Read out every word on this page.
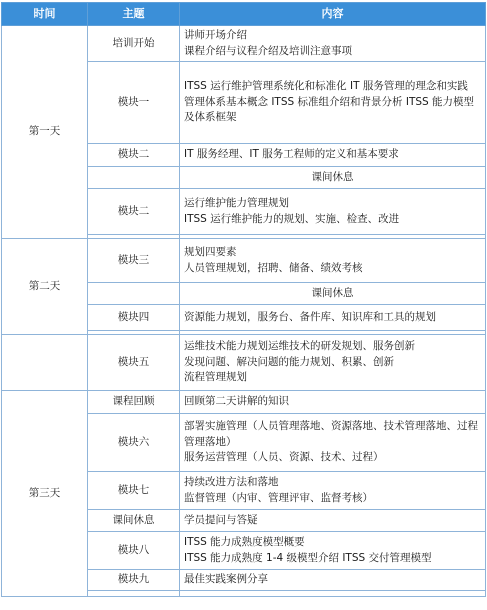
时间	主题	内容
第一天	培训开始	讲师开场介绍
课程介绍与议程介绍及培训注意事项

	模块一	ITSS 运行维护管理系统化和标准化 IT 服务管理的理念和实践
管理体系基本概念 ITSS 标准组介绍和背景分析 ITSS 能力模型及体系框架

	模块二	IT 服务经理、IT 服务工程师的定义和基本要求

		课间休息
	模块二	运行维护能力管理规划
ITSS 运行维护能力的规划、实施、检查、改进

第二天	模块三	规划四要素
人员管理规划，招聘、储备、绩效考核

		课间休息
	模块四	资源能力规划，服务台、备件库、知识库和工具的规划

	模块五	运维技术能力规划运维技术的研发规划、服务创新
发现问题、解决问题的能力规划、积累、创新
流程管理规划

第三天	课程回顾	回顾第二天讲解的知识

	模块六	部署实施管理（人员管理落地、资源落地、技术管理落地、过程管理落地）
服务运营管理（人员、资源、技术、过程）

	模块七	持续改进方法和落地
监督管理（内审、管理评审、监督考核）

	课间休息	学员提问与答疑

	模块八	ITSS 能力成熟度模型概要
ITSS 能力成熟度 1-4 级模型介绍 ITSS 交付管理模型

	模块九	最佳实践案例分享
